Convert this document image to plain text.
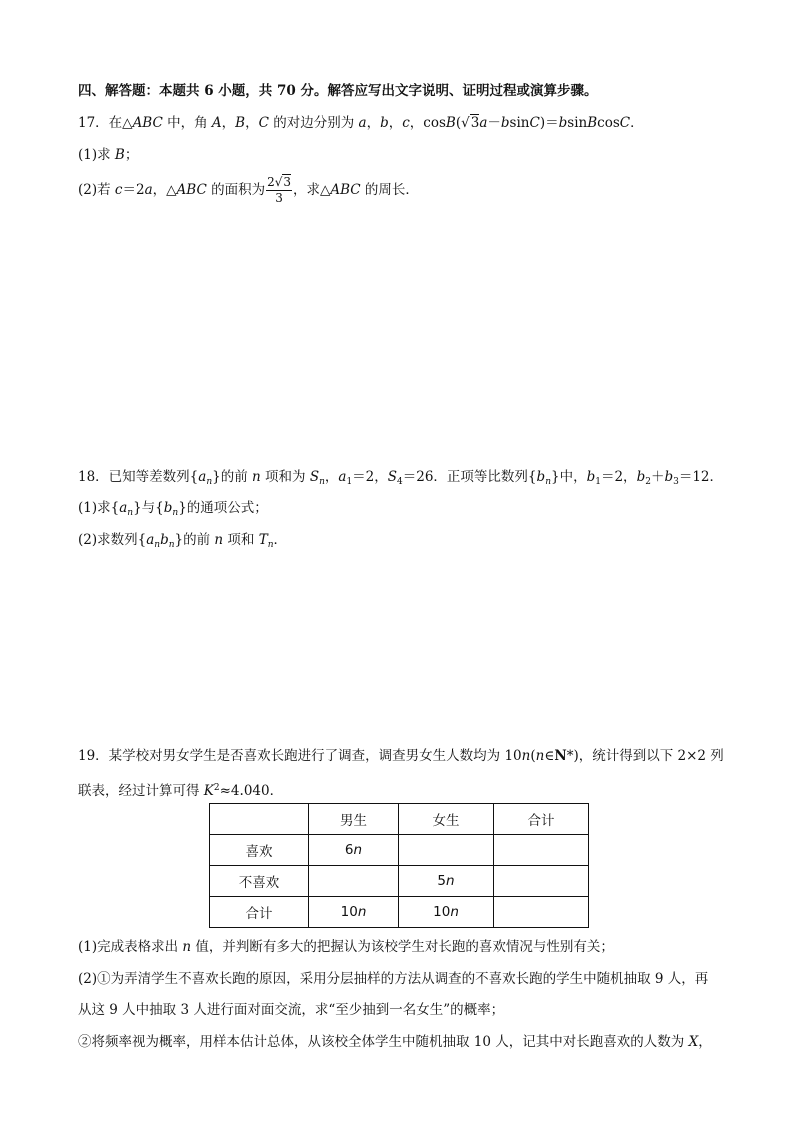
四、解答题：本题共 6 小题，共 70 分。解答应写出文字说明、证明过程或演算步骤。
17．在△ABC 中，角 A，B，C 的对边分别为 a，b，c，cosB(√3a－bsinC)＝bsinBcosC．
(1)求 B；
(2)若 c＝2a，△ABC 的面积为 $\frac{2√3}{3}$ ，求△ABC 的周长．
18．已知等差数列$\{a_n\}$的前 n 项和为 $S_n$，$a_1=2$，$S_4=26$．正项等比数列$\{b_n\}$中，$b_1=2$，$b_2+b_3=12$．
(1)求$\{a_n\}$与$\{b_n\}$的通项公式；
(2)求数列$\{a_nb_n\}$的前 n 项和 $T_n$．
19．某学校对男女学生是否喜欢长跑进行了调查，调查男女生人数均为 10n(n∈N*)，统计得到以下 2×2 列
联表，经过计算可得 $K^2\approx 4.040$．
	男生	女生	合计
喜欢	6n		
不喜欢		5n	
合计	10n	10n	
(1)完成表格求出 n 值，并判断有多大的把握认为该校学生对长跑的喜欢情况与性别有关；
(2)①为弄清学生不喜欢长跑的原因，采用分层抽样的方法从调查的不喜欢长跑的学生中随机抽取 9 人，再
从这 9 人中抽取 3 人进行面对面交流，求“至少抽到一名女生”的概率；
②将频率视为概率，用样本估计总体，从该校全体学生中随机抽取 10 人，记其中对长跑喜欢的人数为 X，
